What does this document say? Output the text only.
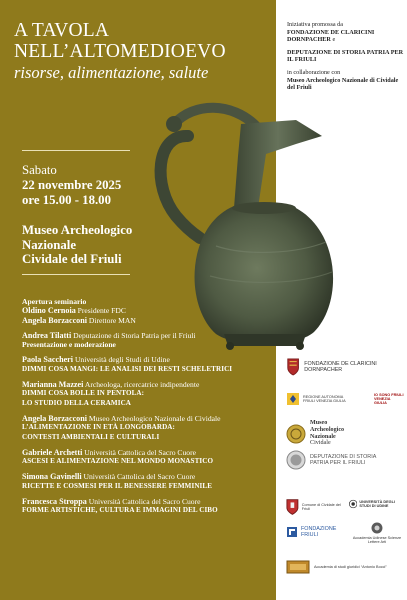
A TAVOLA
NELL’ALTOMEDIOEVO
risorse, alimentazione, salute
Sabato
22 novembre 2025
ore 15.00 - 18.00
Museo Archeologico
Nazionale
Cividale del Friuli
Apertura seminario
Oldino Cernoia Presidente FDC
Angela Borzacconi Direttore MAN
Andrea Tilatti Deputazione di Storia Patria per il Friuli
Presentazione e moderazione
Paola Saccheri Università degli Studi di Udine
DIMMI COSA MANGI: LE ANALISI DEI RESTI SCHELETRICI
Marianna Mazzei Archeologa, ricercatrice indipendente
DIMMI COSA BOLLE IN PENTOLA:
LO STUDIO DELLA CERAMICA
Angela Borzacconi Museo Archeologico Nazionale di Cividale
L’ALIMENTAZIONE IN ETÀ LONGOBARDA:
CONTESTI AMBIENTALI E CULTURALI
Gabriele Archetti Università Cattolica del Sacro Cuore
ASCESI E ALIMENTAZIONE NEL MONDO MONASTICO
Simona Gavinelli Università Cattolica del Sacro Cuore
RICETTE E COSMESI PER IL BENESSERE FEMMINILE
Francesca Stroppa Università Cattolica del Sacro Cuore
FORME ARTISTICHE, CULTURA E IMMAGINI DEL CIBO
Iniziativa promossa da
FONDAZIONE DE CLARICINI DORNPACHER e
DEPUTAZIONE DI STORIA PATRIA PER IL FRIULI
in collaborazione con
Museo Archeologico Nazionale di Cividale del Friuli
FONDAZIONE DE CLARICINI DORNPACHER
REGIONE AUTONOMA FRIULI VENEZIA GIULIA
IO SONO FRIULI VENEZIA GIULIA
Museo
Archeologico
Nazionale
Cividale
DEPUTAZIONE DI STORIA PATRIA PER IL FRIULI
Comune di Cividale del Friuli
UNIVERSITÀ DEGLI STUDI DI UDINE
FONDAZIONE FRIULI	Accademia Udinese Scienze Lettere Arti
Accademia di studi giuridici “Antonio Bocci”
